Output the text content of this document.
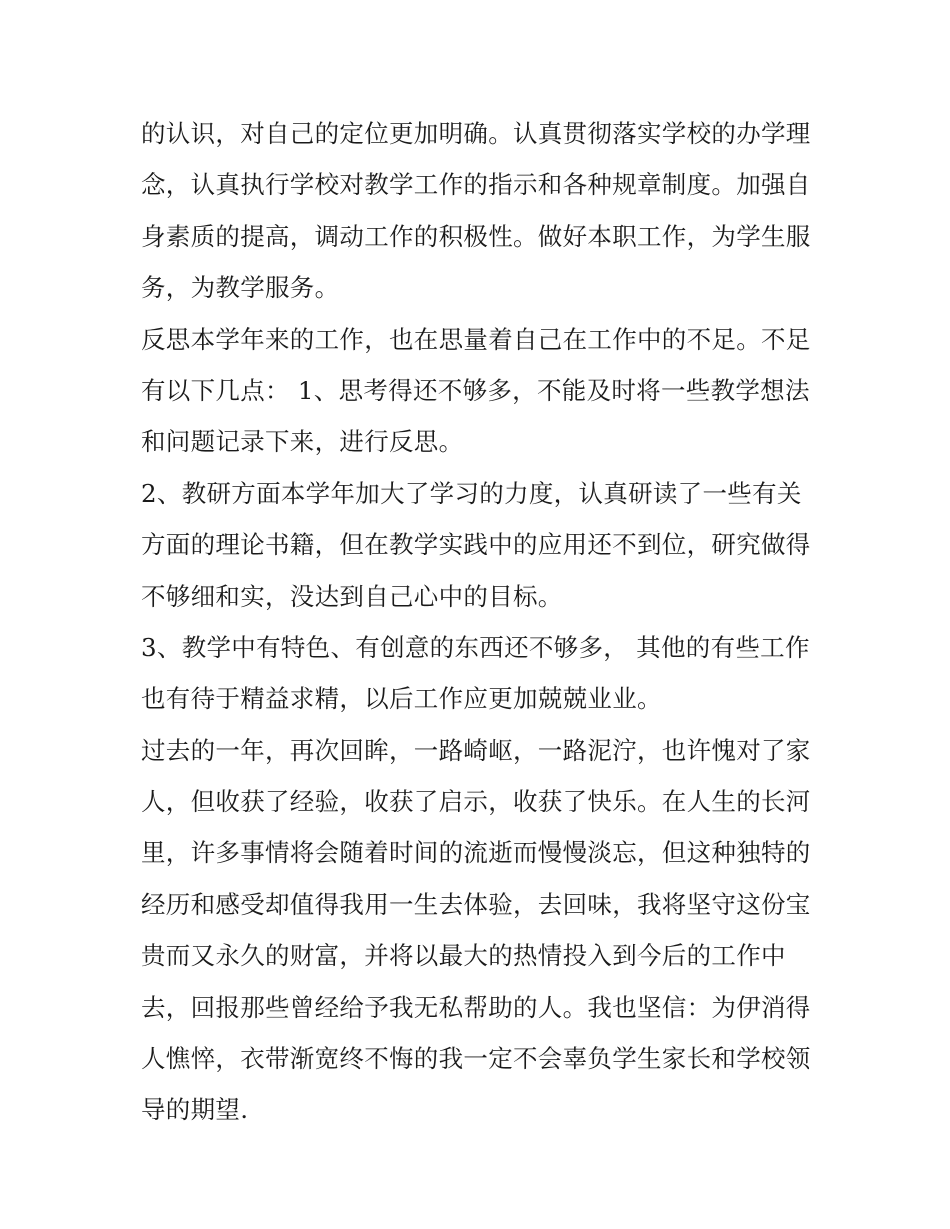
的认识，对自己的定位更加明确。认真贯彻落实学校的办学理
念，认真执行学校对教学工作的指示和各种规章制度。加强自
身素质的提高，调动工作的积极性。做好本职工作，为学生服
务，为教学服务。
反思本学年来的工作，也在思量着自己在工作中的不足。不足
有以下几点： 1、思考得还不够多，不能及时将一些教学想法
和问题记录下来，进行反思。
2、教研方面本学年加大了学习的力度，认真研读了一些有关
方面的理论书籍，但在教学实践中的应用还不到位，研究做得
不够细和实，没达到自己心中的目标。
3、教学中有特色、有创意的东西还不够多， 其他的有些工作
也有待于精益求精，以后工作应更加兢兢业业。
过去的一年，再次回眸，一路崎岖，一路泥泞，也许愧对了家
人，但收获了经验，收获了启示，收获了快乐。在人生的长河
里，许多事情将会随着时间的流逝而慢慢淡忘，但这种独特的
经历和感受却值得我用一生去体验，去回味，我将坚守这份宝
贵而又永久的财富，并将以最大的热情投入到今后的工作中
去，回报那些曾经给予我无私帮助的人。我也坚信：为伊消得
人憔悴，衣带渐宽终不悔的我一定不会辜负学生家长和学校领
导的期望.
